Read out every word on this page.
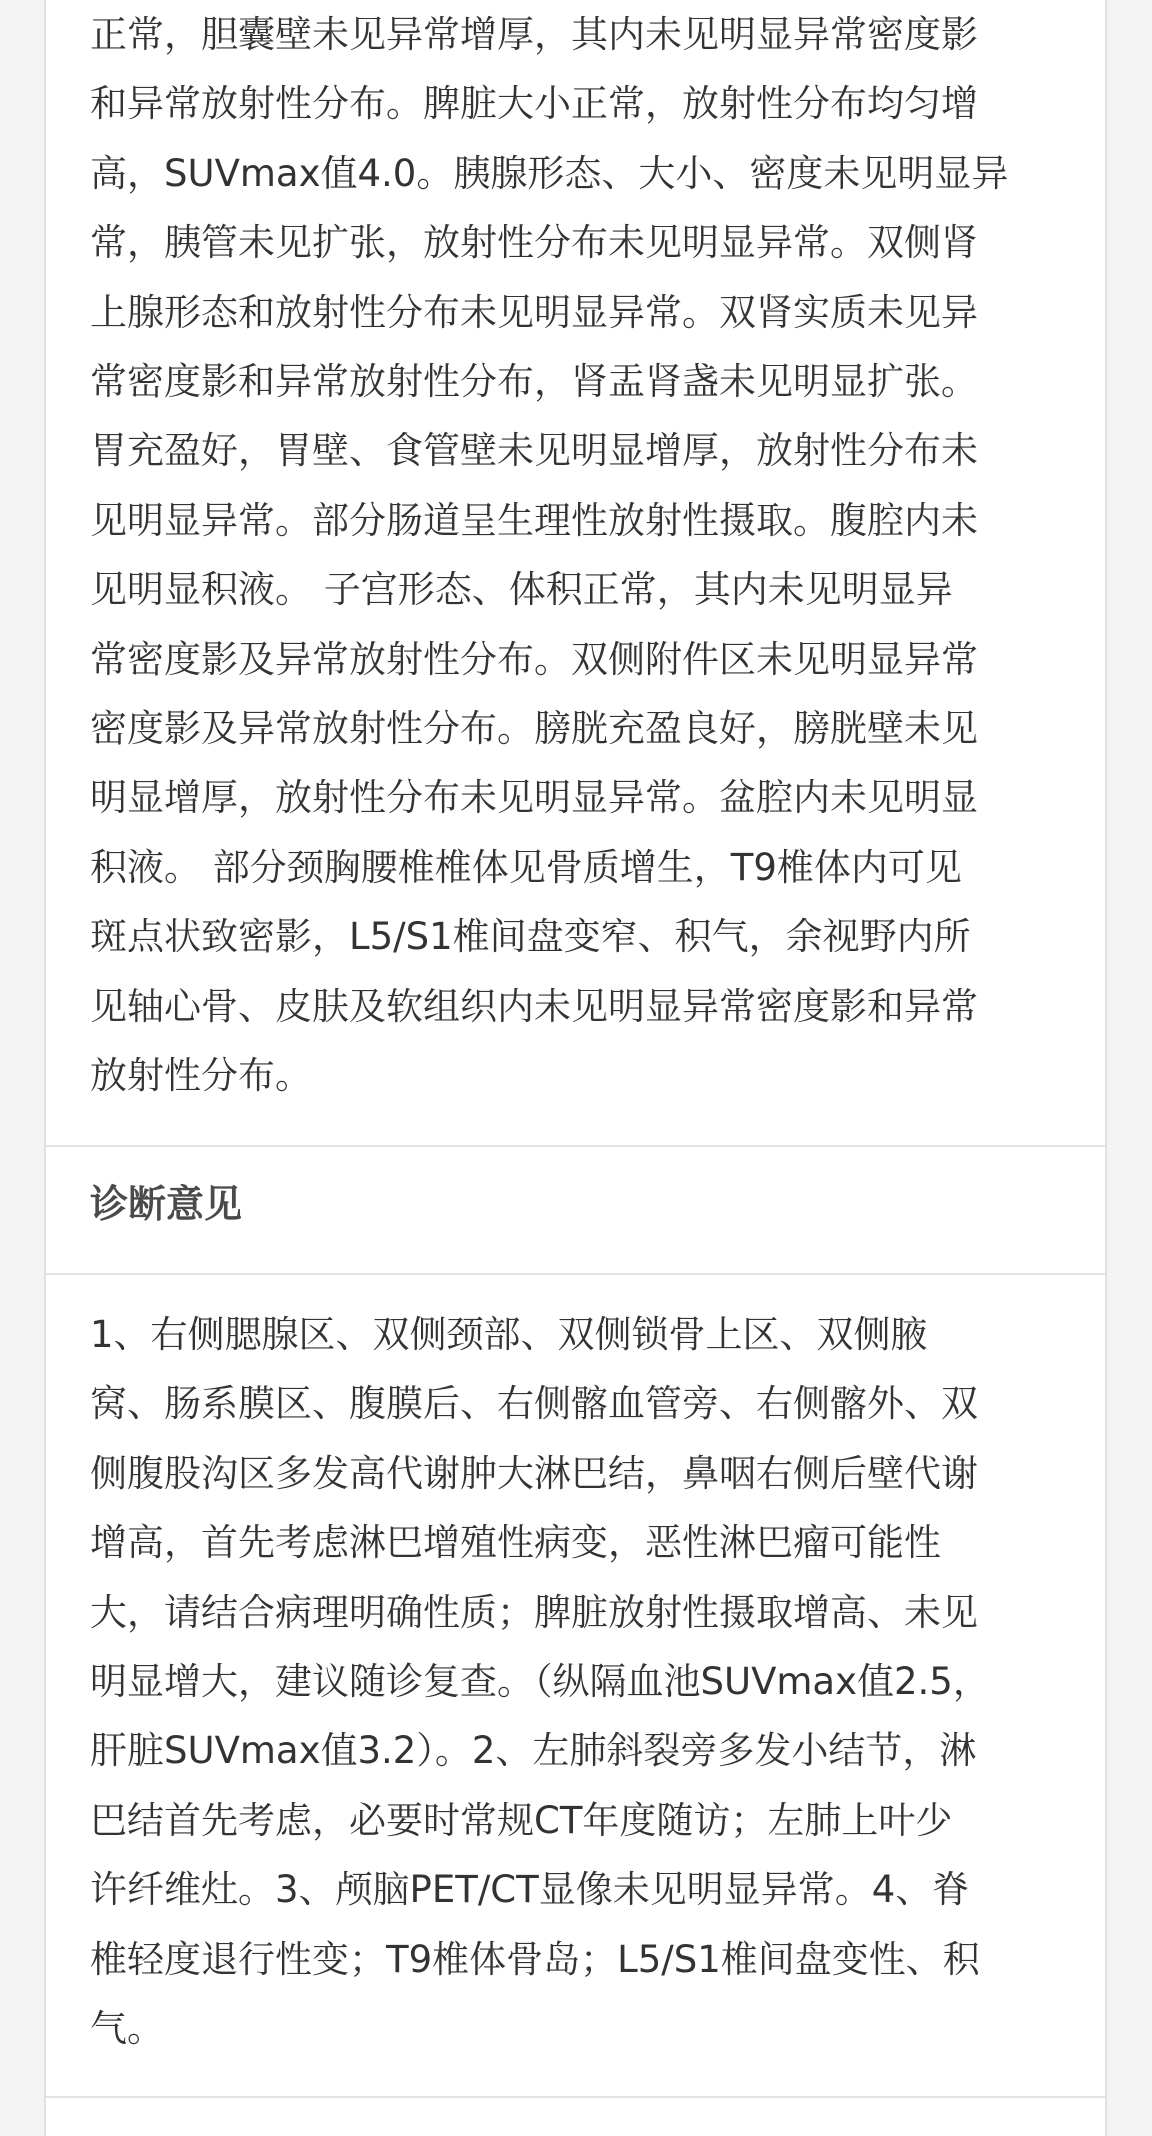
正常，胆囊壁未见异常增厚，其内未见明显异常密度影
和异常放射性分布。脾脏大小正常，放射性分布均匀增
高，SUVmax值4.0。胰腺形态、大小、密度未见明显异
常，胰管未见扩张，放射性分布未见明显异常。双侧肾
上腺形态和放射性分布未见明显异常。双肾实质未见异
常密度影和异常放射性分布，肾盂肾盏未见明显扩张。
胃充盈好，胃壁、食管壁未见明显增厚，放射性分布未
见明显异常。部分肠道呈生理性放射性摄取。腹腔内未
见明显积液。 子宫形态、体积正常，其内未见明显异
常密度影及异常放射性分布。双侧附件区未见明显异常
密度影及异常放射性分布。膀胱充盈良好，膀胱壁未见
明显增厚，放射性分布未见明显异常。盆腔内未见明显
积液。 部分颈胸腰椎椎体见骨质增生，T9椎体内可见
斑点状致密影，L5/S1椎间盘变窄、积气，余视野内所
见轴心骨、皮肤及软组织内未见明显异常密度影和异常
放射性分布。

诊断意见

1、右侧腮腺区、双侧颈部、双侧锁骨上区、双侧腋
窝、肠系膜区、腹膜后、右侧髂血管旁、右侧髂外、双
侧腹股沟区多发高代谢肿大淋巴结，鼻咽右侧后壁代谢
增高，首先考虑淋巴增殖性病变，恶性淋巴瘤可能性
大，请结合病理明确性质；脾脏放射性摄取增高、未见
明显增大，建议随诊复查。（纵隔血池SUVmax值2.5，
肝脏SUVmax值3.2）。2、左肺斜裂旁多发小结节，淋
巴结首先考虑，必要时常规CT年度随访；左肺上叶少
许纤维灶。3、颅脑PET/CT显像未见明显异常。4、脊
椎轻度退行性变；T9椎体骨岛；L5/S1椎间盘变性、积
气。
